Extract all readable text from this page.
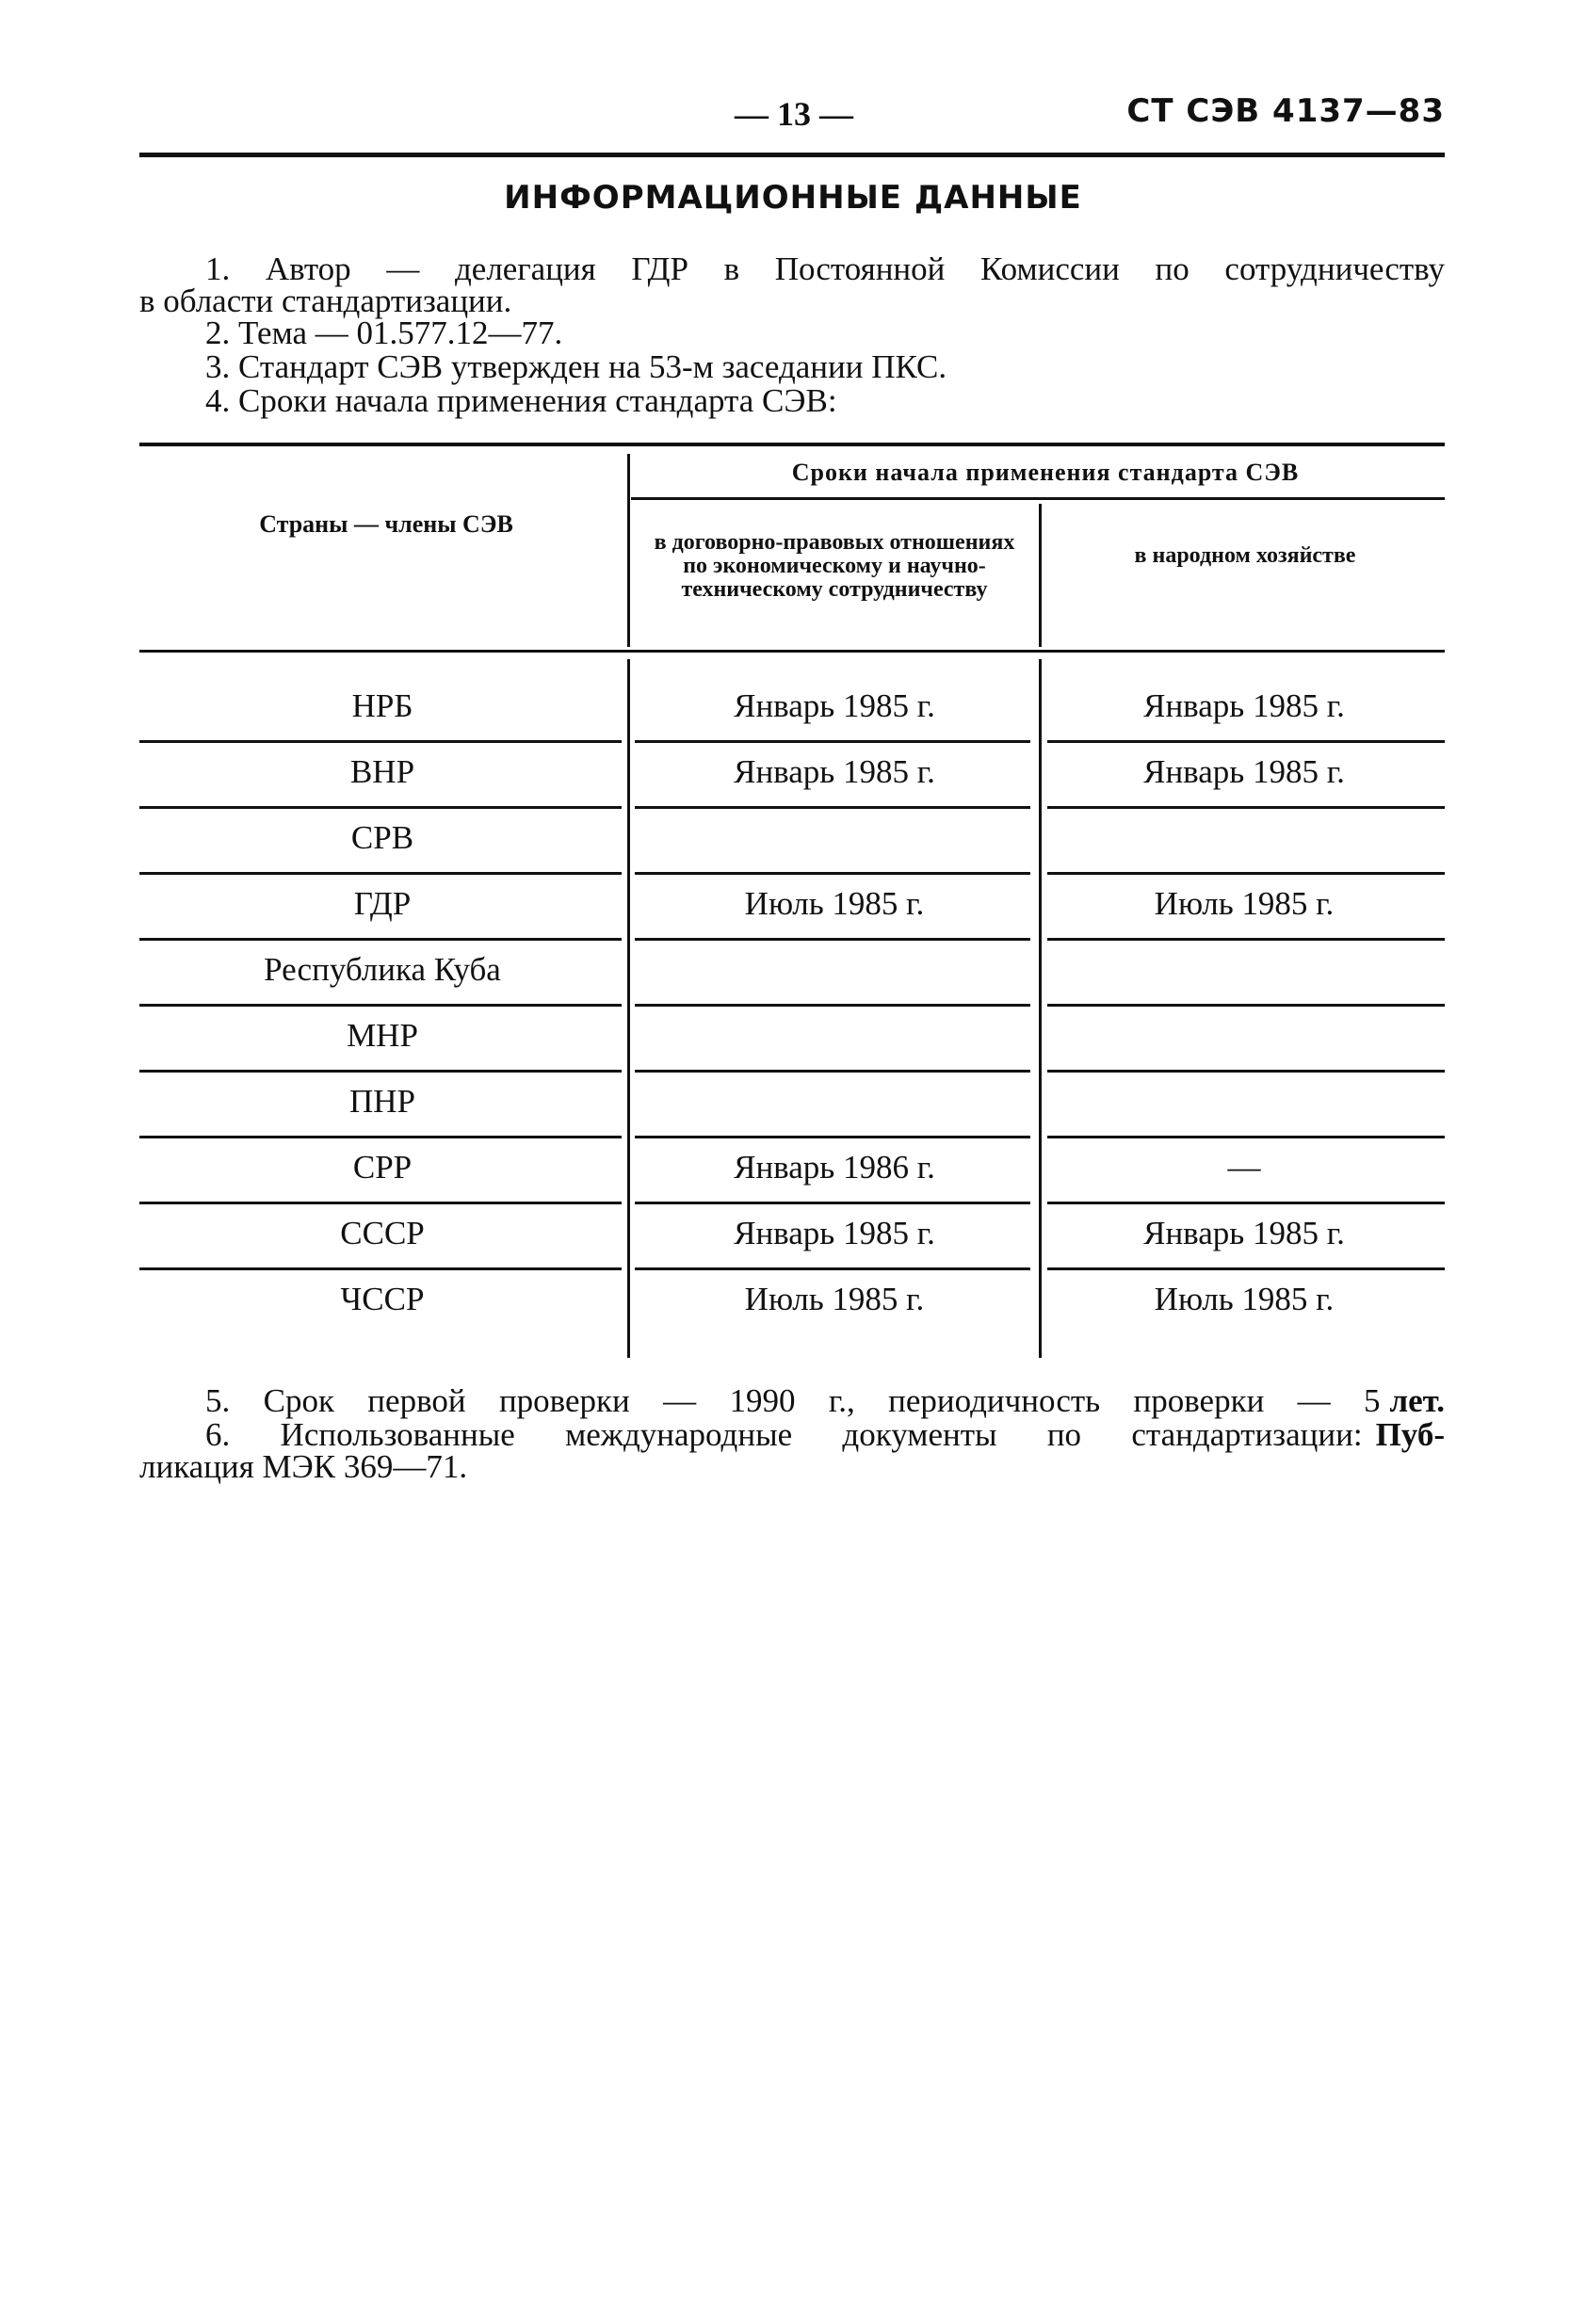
— 13 —	СТ СЭВ 4137—83
ИНФОРМАЦИОННЫЕ ДАННЫЕ
1. Автор — делегация ГДР в Постоянной Комиссии по сотрудничеству
в области стандартизации.
2. Тема — 01.577.12—77.
3. Стандарт СЭВ утвержден на 53-м заседании ПКС.
4. Сроки начала применения стандарта СЭВ:
Страны — члены СЭВ
Сроки начала применения стандарта СЭВ
в договорно-правовых отношениях по экономическому и научно-техническому сотрудничеству
в народном хозяйстве
НРБ	Январь 1985 г.	Январь 1985 г.
ВНР	Январь 1985 г.	Январь 1985 г.
СРВ
ГДР	Июль 1985 г.	Июль 1985 г.
Республика Куба
МНР
ПНР
СРР	Январь 1986 г.	—
СССР	Январь 1985 г.	Январь 1985 г.
ЧССР	Июль 1985 г.	Июль 1985 г.
5. Срок первой проверки — 1990 г., периодичность проверки — 5 лет.
6. Использованные международные документы по стандартизации: Пуб-
ликация МЭК 369—71.
